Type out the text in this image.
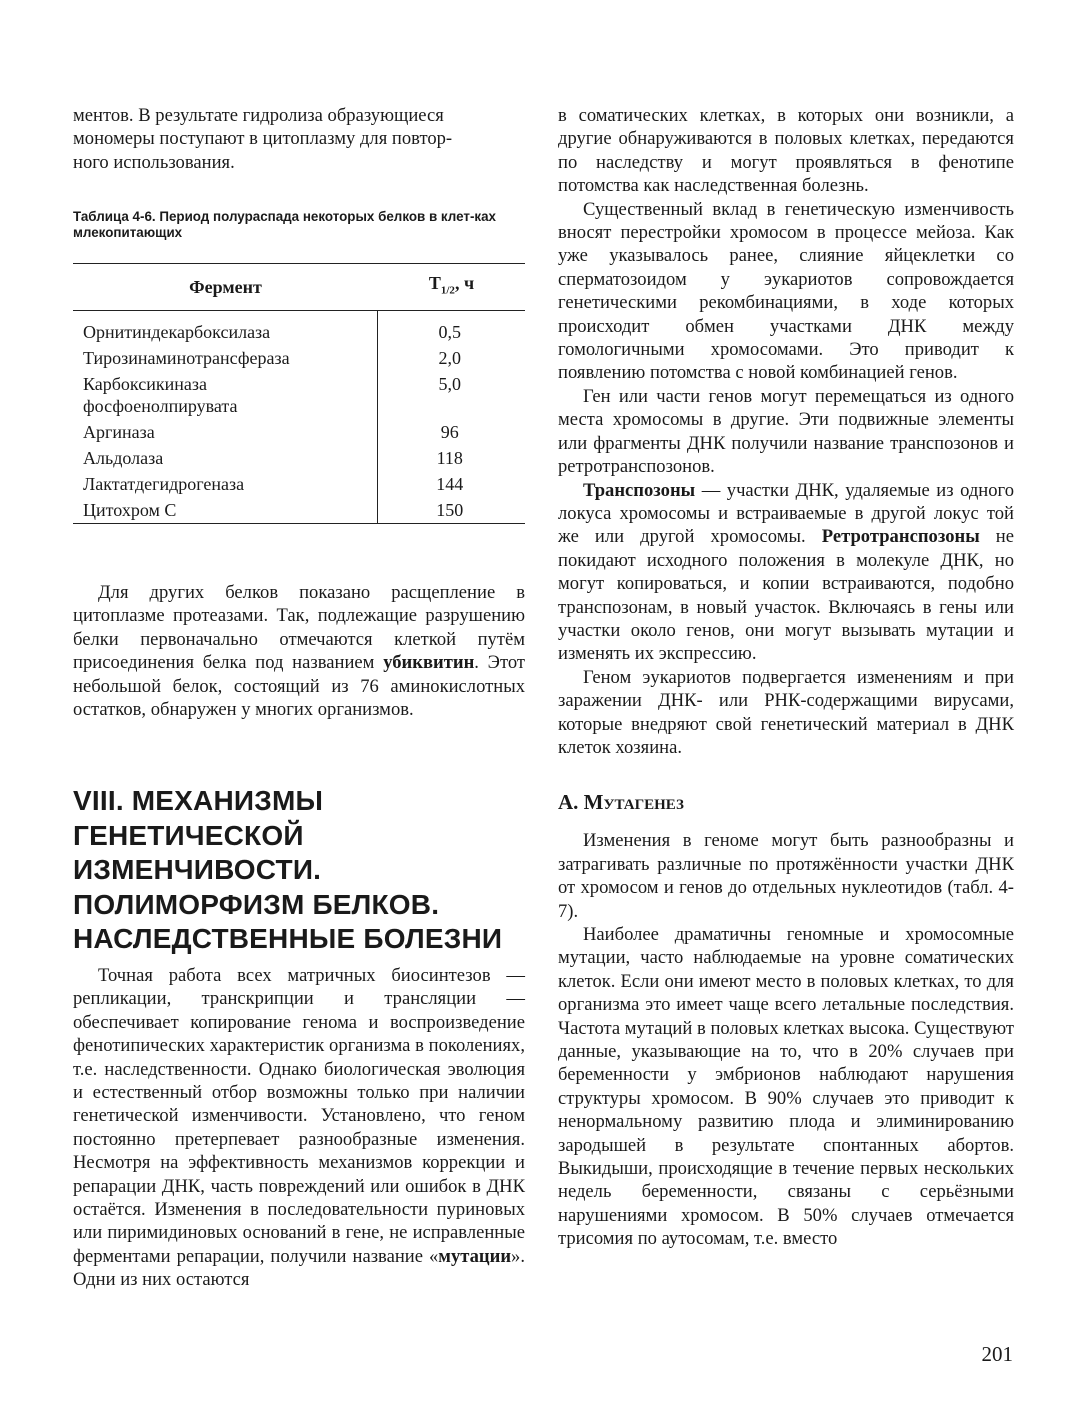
ментов. В результате гидролиза образующиеся
мономеры поступают в цитоплазму для повтор-
ного использования.

Таблица 4-6. Период полураспада некоторых белков в клет-ках млекопитающих

Фермент	$T_{1/2}$, ч
Орнитиндекарбоксилаза	0,5
Тирозинаминотрансфераза	2,0
Карбоксикиназа фосфоенолпирувата	5,0
Аргиназа	96
Альдолаза	118
Лактатдегидрогеназа	144
Цитохром С	150

Для других белков показано расщепление в цитоплазме протеазами. Так, подлежащие разрушению белки первоначально отмечаются клеткой путём присоединения белка под названием убиквитин. Этот небольшой белок, состоящий из 76 аминокислотных остатков, обнаружен у многих организмов.

VIII. МЕХАНИЗМЫ ГЕНЕТИЧЕСКОЙ ИЗМЕНЧИВОСТИ. ПОЛИМОРФИЗМ БЕЛКОВ. НАСЛЕДСТВЕННЫЕ БОЛЕЗНИ

Точная работа всех матричных биосинтезов — репликации, транскрипции и трансляции — обеспечивает копирование генома и воспроизведение фенотипических характеристик организма в поколениях, т.е. наследственности. Однако биологическая эволюция и естественный отбор возможны только при наличии генетической изменчивости. Установлено, что геном постоянно претерпевает разнообразные изменения. Несмотря на эффективность механизмов коррекции и репарации ДНК, часть повреждений или ошибок в ДНК остаётся. Изменения в последовательности пуриновых или пиримидиновых оснований в гене, не исправленные ферментами репарации, получили название «мутации». Одни из них остаются

в соматических клетках, в которых они возникли, а другие обнаруживаются в половых клетках, передаются по наследству и могут проявляться в фенотипе потомства как наследственная болезнь.

Существенный вклад в генетическую изменчивость вносят перестройки хромосом в процессе мейоза. Как уже указывалось ранее, слияние яйцеклетки со сперматозоидом у эукариотов сопровождается генетическими рекомбинациями, в ходе которых происходит обмен участками ДНК между гомологичными хромосомами. Это приводит к появлению потомства с новой комбинацией генов.

Ген или части генов могут перемещаться из одного места хромосомы в другие. Эти подвижные элементы или фрагменты ДНК получили название транспозонов и ретротранспозонов.

Транспозоны — участки ДНК, удаляемые из одного локуса хромосомы и встраиваемые в другой локус той же или другой хромосомы. Ретротранспозоны не покидают исходного положения в молекуле ДНК, но могут копироваться, и копии встраиваются, подобно транспозонам, в новый участок. Включаясь в гены или участки около генов, они могут вызывать мутации и изменять их экспрессию.

Геном эукариотов подвергается изменениям и при заражении ДНК- или РНК-содержащими вирусами, которые внедряют свой генетический материал в ДНК клеток хозяина.

А. Мутагенез

Изменения в геноме могут быть разнообразны и затрагивать различные по протяжённости участки ДНК от хромосом и генов до отдельных нуклеотидов (табл. 4-7).

Наиболее драматичны геномные и хромосомные мутации, часто наблюдаемые на уровне соматических клеток. Если они имеют место в половых клетках, то для организма это имеет чаще всего летальные последствия. Частота мутаций в половых клетках высока. Существуют данные, указывающие на то, что в 20% случаев при беременности у эмбрионов наблюдают нарушения структуры хромосом. В 90% случаев это приводит к ненормальному развитию плода и элиминированию зародышей в результате спонтанных абортов. Выкидыши, происходящие в течение первых нескольких недель беременности, связаны с серьёзными нарушениями хромосом. В 50% случаев отмечается трисомия по аутосомам, т.е. вместо

201
